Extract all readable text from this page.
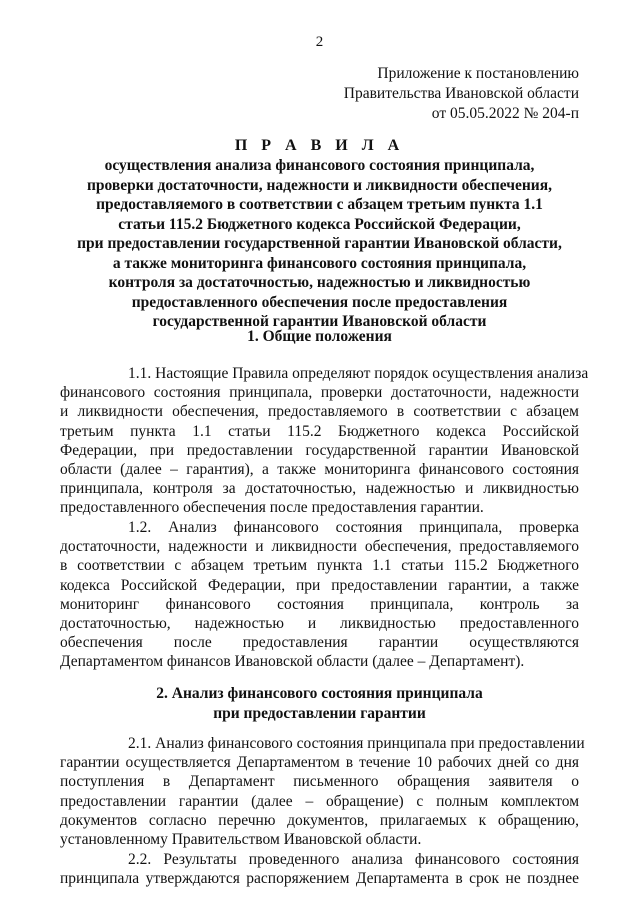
2
Приложение к постановлению
Правительства Ивановской области
от 05.05.2022 № 204-п
П Р А В И Л А
осуществления анализа финансового состояния принципала,
проверки достаточности, надежности и ликвидности обеспечения,
предоставляемого в соответствии с абзацем третьим пункта 1.1
статьи 115.2 Бюджетного кодекса Российской Федерации,
при предоставлении государственной гарантии Ивановской области,
а также мониторинга финансового состояния принципала,
контроля за достаточностью, надежностью и ликвидностью
предоставленного обеспечения после предоставления
государственной гарантии Ивановской области
1. Общие положения
1.1. Настоящие Правила определяют порядок осуществления анализа
финансового состояния принципала, проверки достаточности, надежности
и ликвидности обеспечения, предоставляемого в соответствии с абзацем
третьим пункта 1.1 статьи 115.2 Бюджетного кодекса Российской
Федерации, при предоставлении государственной гарантии Ивановской
области (далее – гарантия), а также мониторинга финансового состояния
принципала, контроля за достаточностью, надежностью и ликвидностью
предоставленного обеспечения после предоставления гарантии.
1.2. Анализ финансового состояния принципала, проверка
достаточности, надежности и ликвидности обеспечения, предоставляемого
в соответствии с абзацем третьим пункта 1.1 статьи 115.2 Бюджетного
кодекса Российской Федерации, при предоставлении гарантии, а также
мониторинг финансового состояния принципала, контроль за
достаточностью, надежностью и ликвидностью предоставленного
обеспечения после предоставления гарантии осуществляются
Департаментом финансов Ивановской области (далее – Департамент).
2. Анализ финансового состояния принципала
при предоставлении гарантии
2.1. Анализ финансового состояния принципала при предоставлении
гарантии осуществляется Департаментом в течение 10 рабочих дней со дня
поступления в Департамент письменного обращения заявителя о
предоставлении гарантии (далее – обращение) с полным комплектом
документов согласно перечню документов, прилагаемых к обращению,
установленному Правительством Ивановской области.
2.2. Результаты проведенного анализа финансового состояния
принципала утверждаются распоряжением Департамента в срок не позднее
